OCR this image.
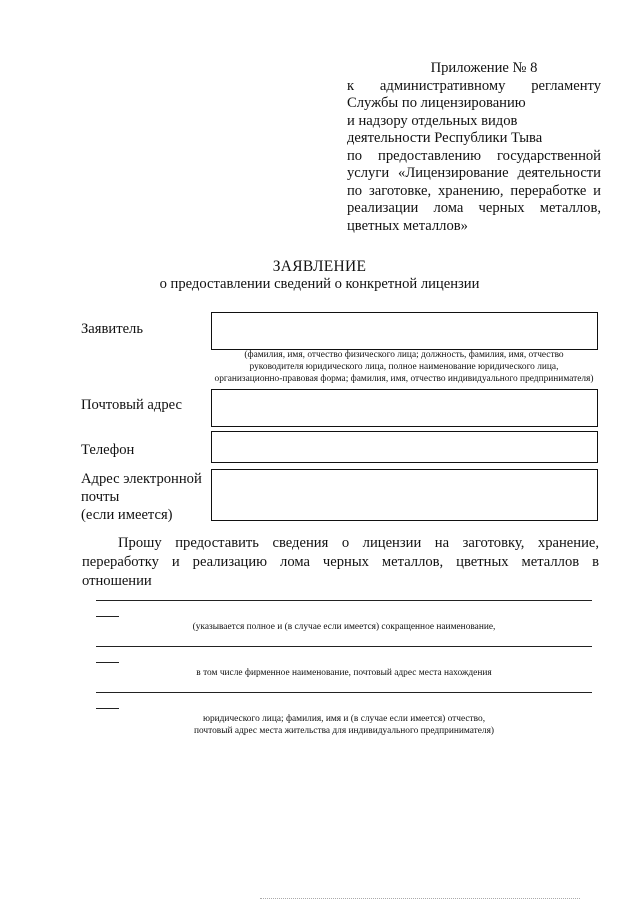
Приложение № 8
к административному регламенту
Службы по лицензированию
и надзору отдельных видов
деятельности Республики Тыва
по предоставлению государственной
услуги «Лицензирование деятельности
по заготовке, хранению, переработке и
реализации лома черных металлов,
цветных металлов»
ЗАЯВЛЕНИЕ
о предоставлении сведений о конкретной лицензии
Заявитель
(фамилия, имя, отчество физического лица; должность, фамилия, имя, отчество
руководителя юридического лица, полное наименование юридического лица,
организационно-правовая форма; фамилия, имя, отчество индивидуального предпринимателя)
Почтовый адрес
Телефон
Адрес электронной
почты
(если имеется)
Прошу предоставить сведения о лицензии на заготовку, хранение,
переработку и реализацию лома черных металлов, цветных металлов в
отношении
(указывается полное и (в случае если имеется) сокращенное наименование,
в том числе фирменное наименование, почтовый адрес места нахождения
юридического лица; фамилия, имя и (в случае если имеется) отчество,
почтовый адрес места жительства для индивидуального предпринимателя)
